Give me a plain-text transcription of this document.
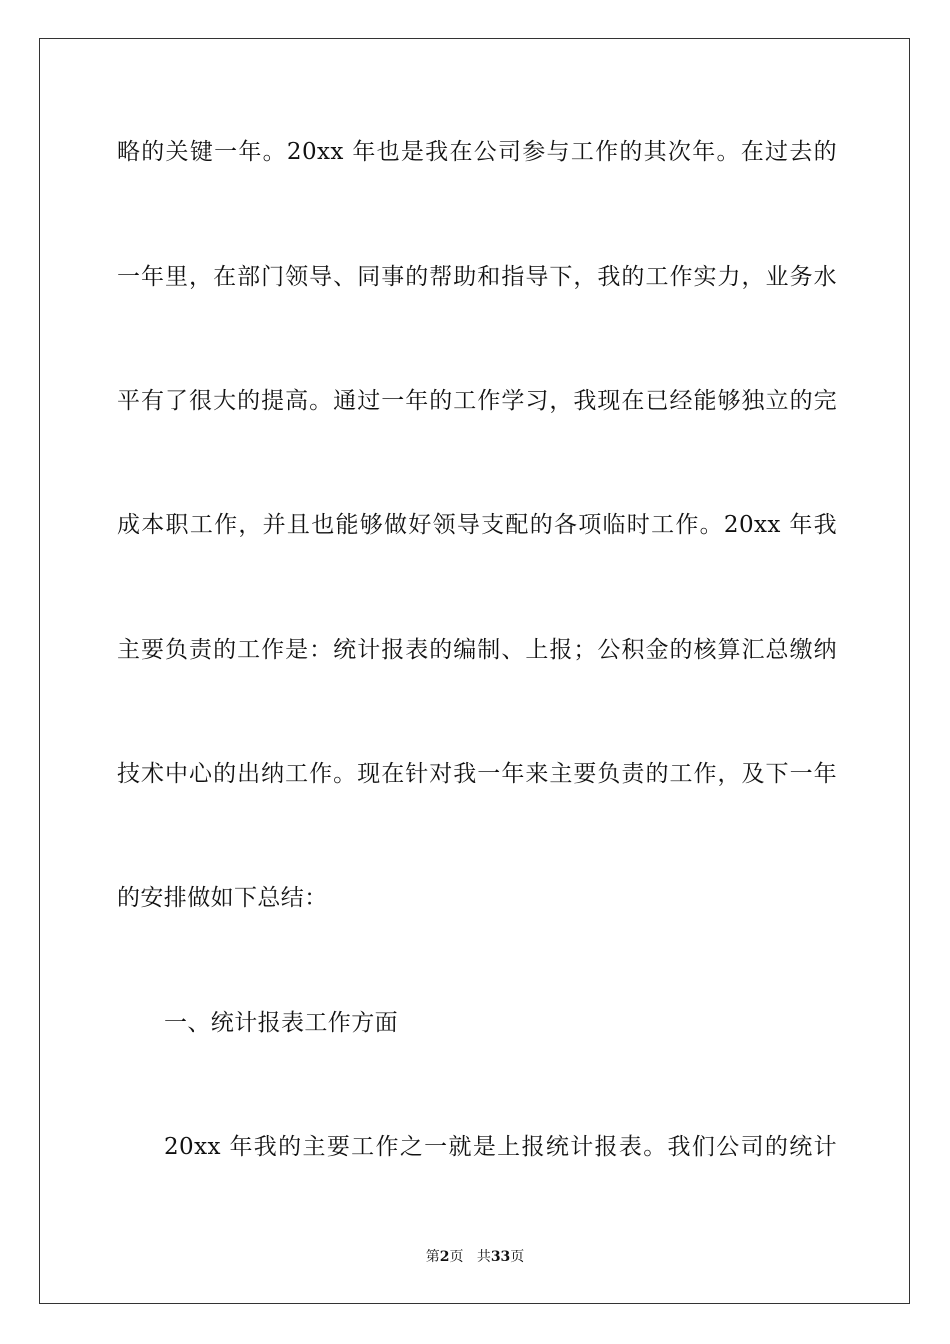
略的关键一年。20xx 年也是我在公司参与工作的其次年。在过去的
一年里，在部门领导、同事的帮助和指导下，我的工作实力，业务水
平有了很大的提高。通过一年的工作学习，我现在已经能够独立的完
成本职工作，并且也能够做好领导支配的各项临时工作。20xx 年我
主要负责的工作是：统计报表的编制、上报；公积金的核算汇总缴纳
技术中心的出纳工作。现在针对我一年来主要负责的工作，及下一年
的安排做如下总结：
一、统计报表工作方面
20xx 年我的主要工作之一就是上报统计报表。我们公司的统计
第2页 共33页
